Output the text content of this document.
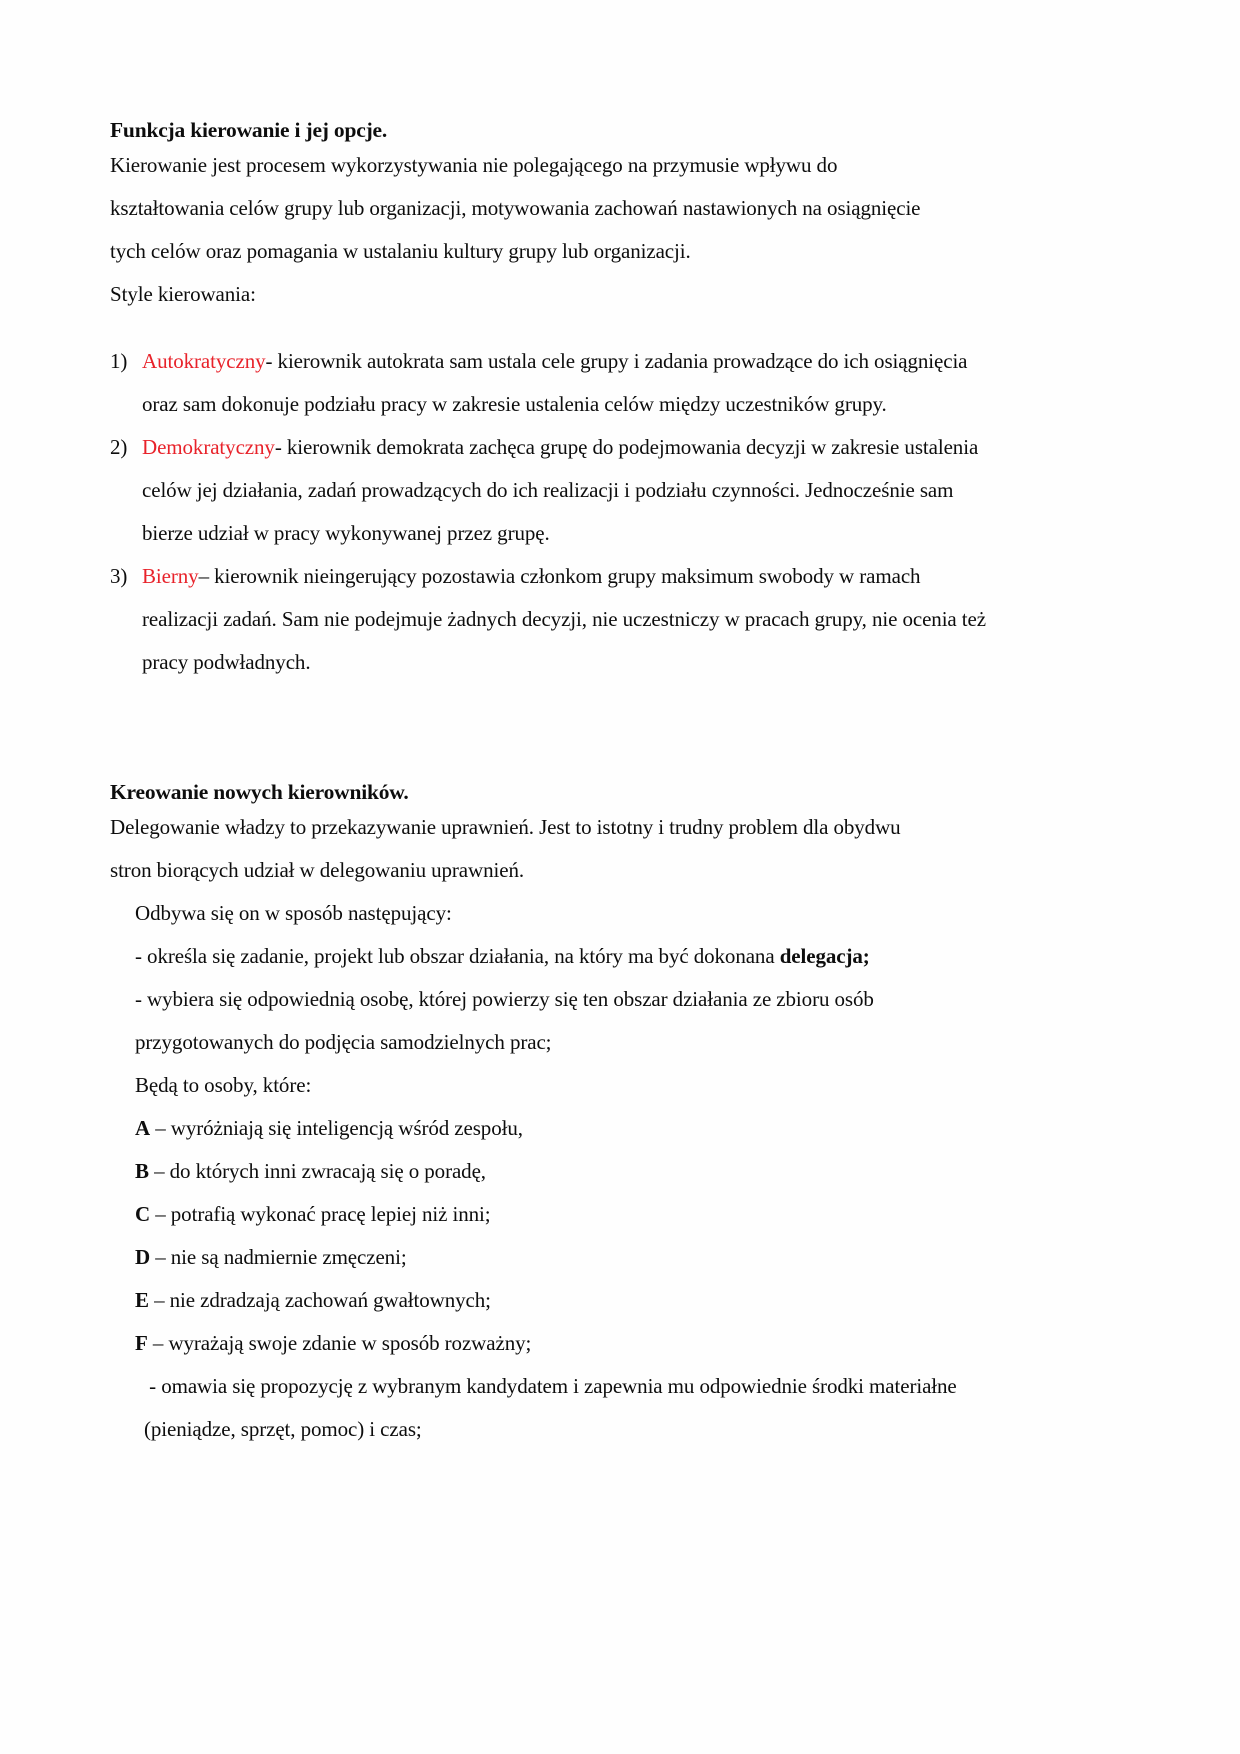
Funkcja kierowanie i jej opcje.

Kierowanie jest procesem wykorzystywania nie polegającego na przymusie wpływu do kształtowania celów grupy lub organizacji, motywowania zachowań nastawionych na osiągnięcie tych celów oraz pomagania w ustalaniu kultury grupy lub organizacji.

Style kierowania:

1) Autokratyczny- kierownik autokrata sam ustala cele grupy i zadania prowadzące do ich osiągnięcia oraz sam dokonuje podziału pracy w zakresie ustalenia celów między uczestników grupy.
2) Demokratyczny- kierownik demokrata zachęca grupę do podejmowania decyzji w zakresie ustalenia celów jej działania, zadań prowadzących do ich realizacji i podziału czynności. Jednocześnie sam bierze udział w pracy wykonywanej przez grupę.
3) Bierny– kierownik nieingerujący pozostawia członkom grupy maksimum swobody w ramach realizacji zadań. Sam nie podejmuje żadnych decyzji, nie uczestniczy w pracach grupy, nie ocenia też pracy podwładnych.
Kreowanie nowych kierowników.

Delegowanie władzy to przekazywanie uprawnień. Jest to istotny i trudny problem dla obydwu stron biorących udział w delegowaniu uprawnień.

Odbywa się on w sposób następujący:
- określa się zadanie, projekt lub obszar działania, na który ma być dokonana delegacja;
- wybiera się odpowiednią osobę, której powierzy się ten obszar działania ze zbioru osób przygotowanych do podjęcia samodzielnych prac;
Będą to osoby, które:
A – wyróżniają się inteligencją wśród zespołu,
B – do których inni zwracają się o poradę,
C – potrafią wykonać pracę lepiej niż inni;
D – nie są nadmiernie zmęczeni;
E – nie zdradzają zachowań gwałtownych;
F – wyrażają swoje zdanie w sposób rozważny;
- omawia się propozycję z wybranym kandydatem i zapewnia mu odpowiednie środki materiałne (pieniądze, sprzęt, pomoc) i czas;
